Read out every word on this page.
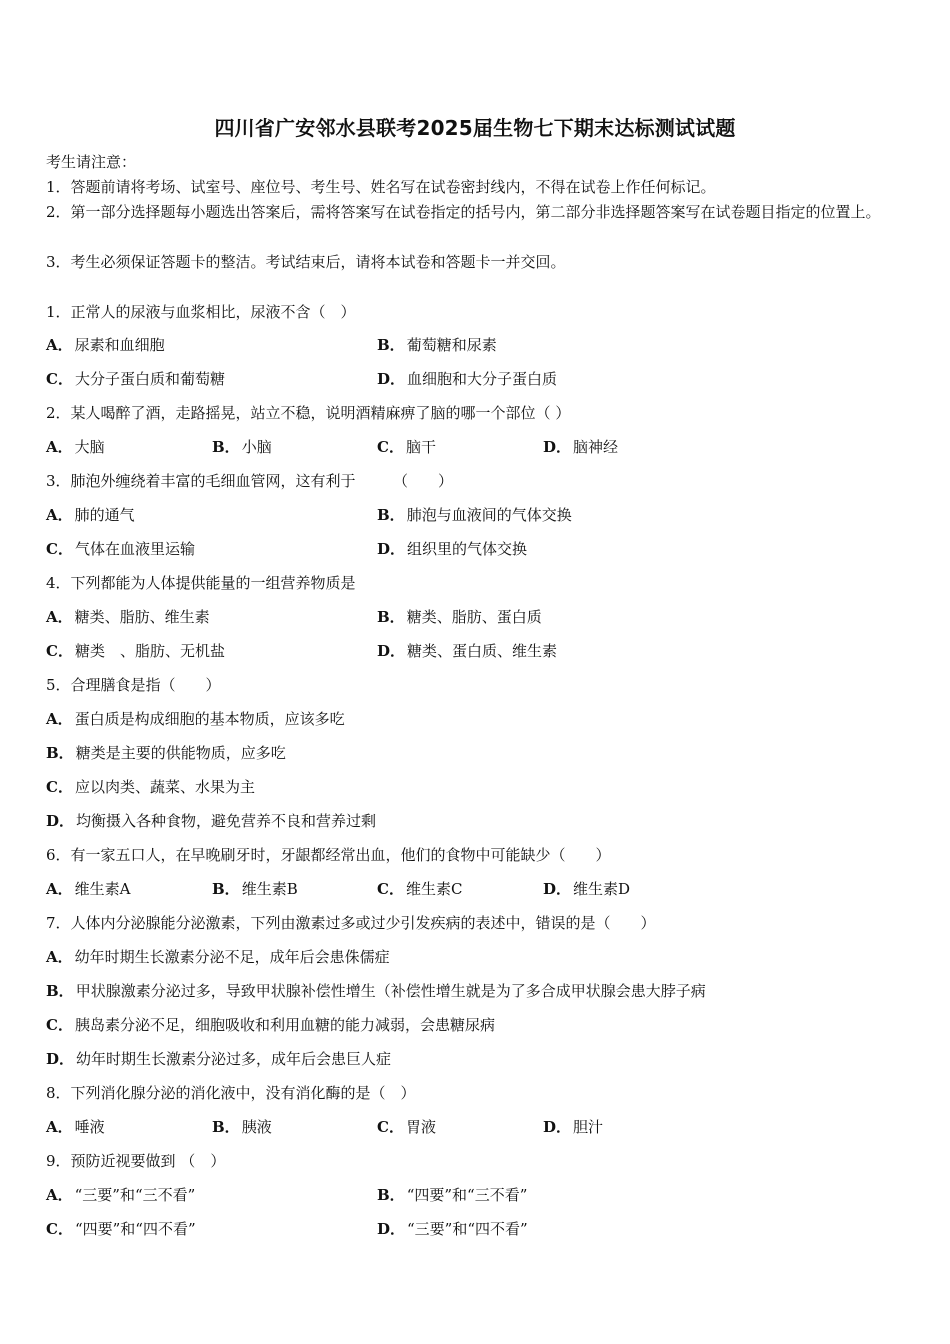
四川省广安邻水县联考2025届生物七下期末达标测试试题
考生请注意：
1．答题前请将考场、试室号、座位号、考生号、姓名写在试卷密封线内，不得在试卷上作任何标记。
2．第一部分选择题每小题选出答案后，需将答案写在试卷指定的括号内，第二部分非选择题答案写在试卷题目指定的位置上。
3．考生必须保证答题卡的整洁。考试结束后，请将本试卷和答题卡一并交回。
1．正常人的尿液与血浆相比，尿液不含（　）
A． 尿素和血细胞	B． 葡萄糖和尿素
C． 大分子蛋白质和葡萄糖	D． 血细胞和大分子蛋白质
2．某人喝醉了酒，走路摇晃，站立不稳，说明酒精麻痹了脑的哪一个部位（ ）
A． 大脑	B． 小脑	C． 脑干	D． 脑神经
3．肺泡外缠绕着丰富的毛细血管网，这有利于　　　（　　）
A． 肺的通气	B． 肺泡与血液间的气体交换
C． 气体在血液里运输	D． 组织里的气体交换
4．下列都能为人体提供能量的一组营养物质是
A． 糖类、脂肪、维生素	B． 糖类、脂肪、蛋白质
C． 糖类　、脂肪、无机盐	D． 糖类、蛋白质、维生素
5．合理膳食是指（　　）
A． 蛋白质是构成细胞的基本物质，应该多吃
B． 糖类是主要的供能物质，应多吃
C． 应以肉类、蔬菜、水果为主
D． 均衡摄入各种食物，避免营养不良和营养过剩
6．有一家五口人，在早晚刷牙时，牙龈都经常出血，他们的食物中可能缺少（　　）
A． 维生素A	B． 维生素B	C． 维生素C	D． 维生素D
7．人体内分泌腺能分泌激素，下列由激素过多或过少引发疾病的表述中，错误的是（　　）
A． 幼年时期生长激素分泌不足，成年后会患侏儒症
B． 甲状腺激素分泌过多，导致甲状腺补偿性增生（补偿性增生就是为了多合成甲状腺会患大脖子病
C． 胰岛素分泌不足，细胞吸收和利用血糖的能力减弱，会患糖尿病
D． 幼年时期生长激素分泌过多，成年后会患巨人症
8．下列消化腺分泌的消化液中，没有消化酶的是（　）
A． 唾液	B． 胰液	C． 胃液	D． 胆汁
9．预防近视要做到 （　）
A． “三要”和“三不看”	B． “四要”和“三不看”
C． “四要”和“四不看”	D． “三要”和“四不看”
